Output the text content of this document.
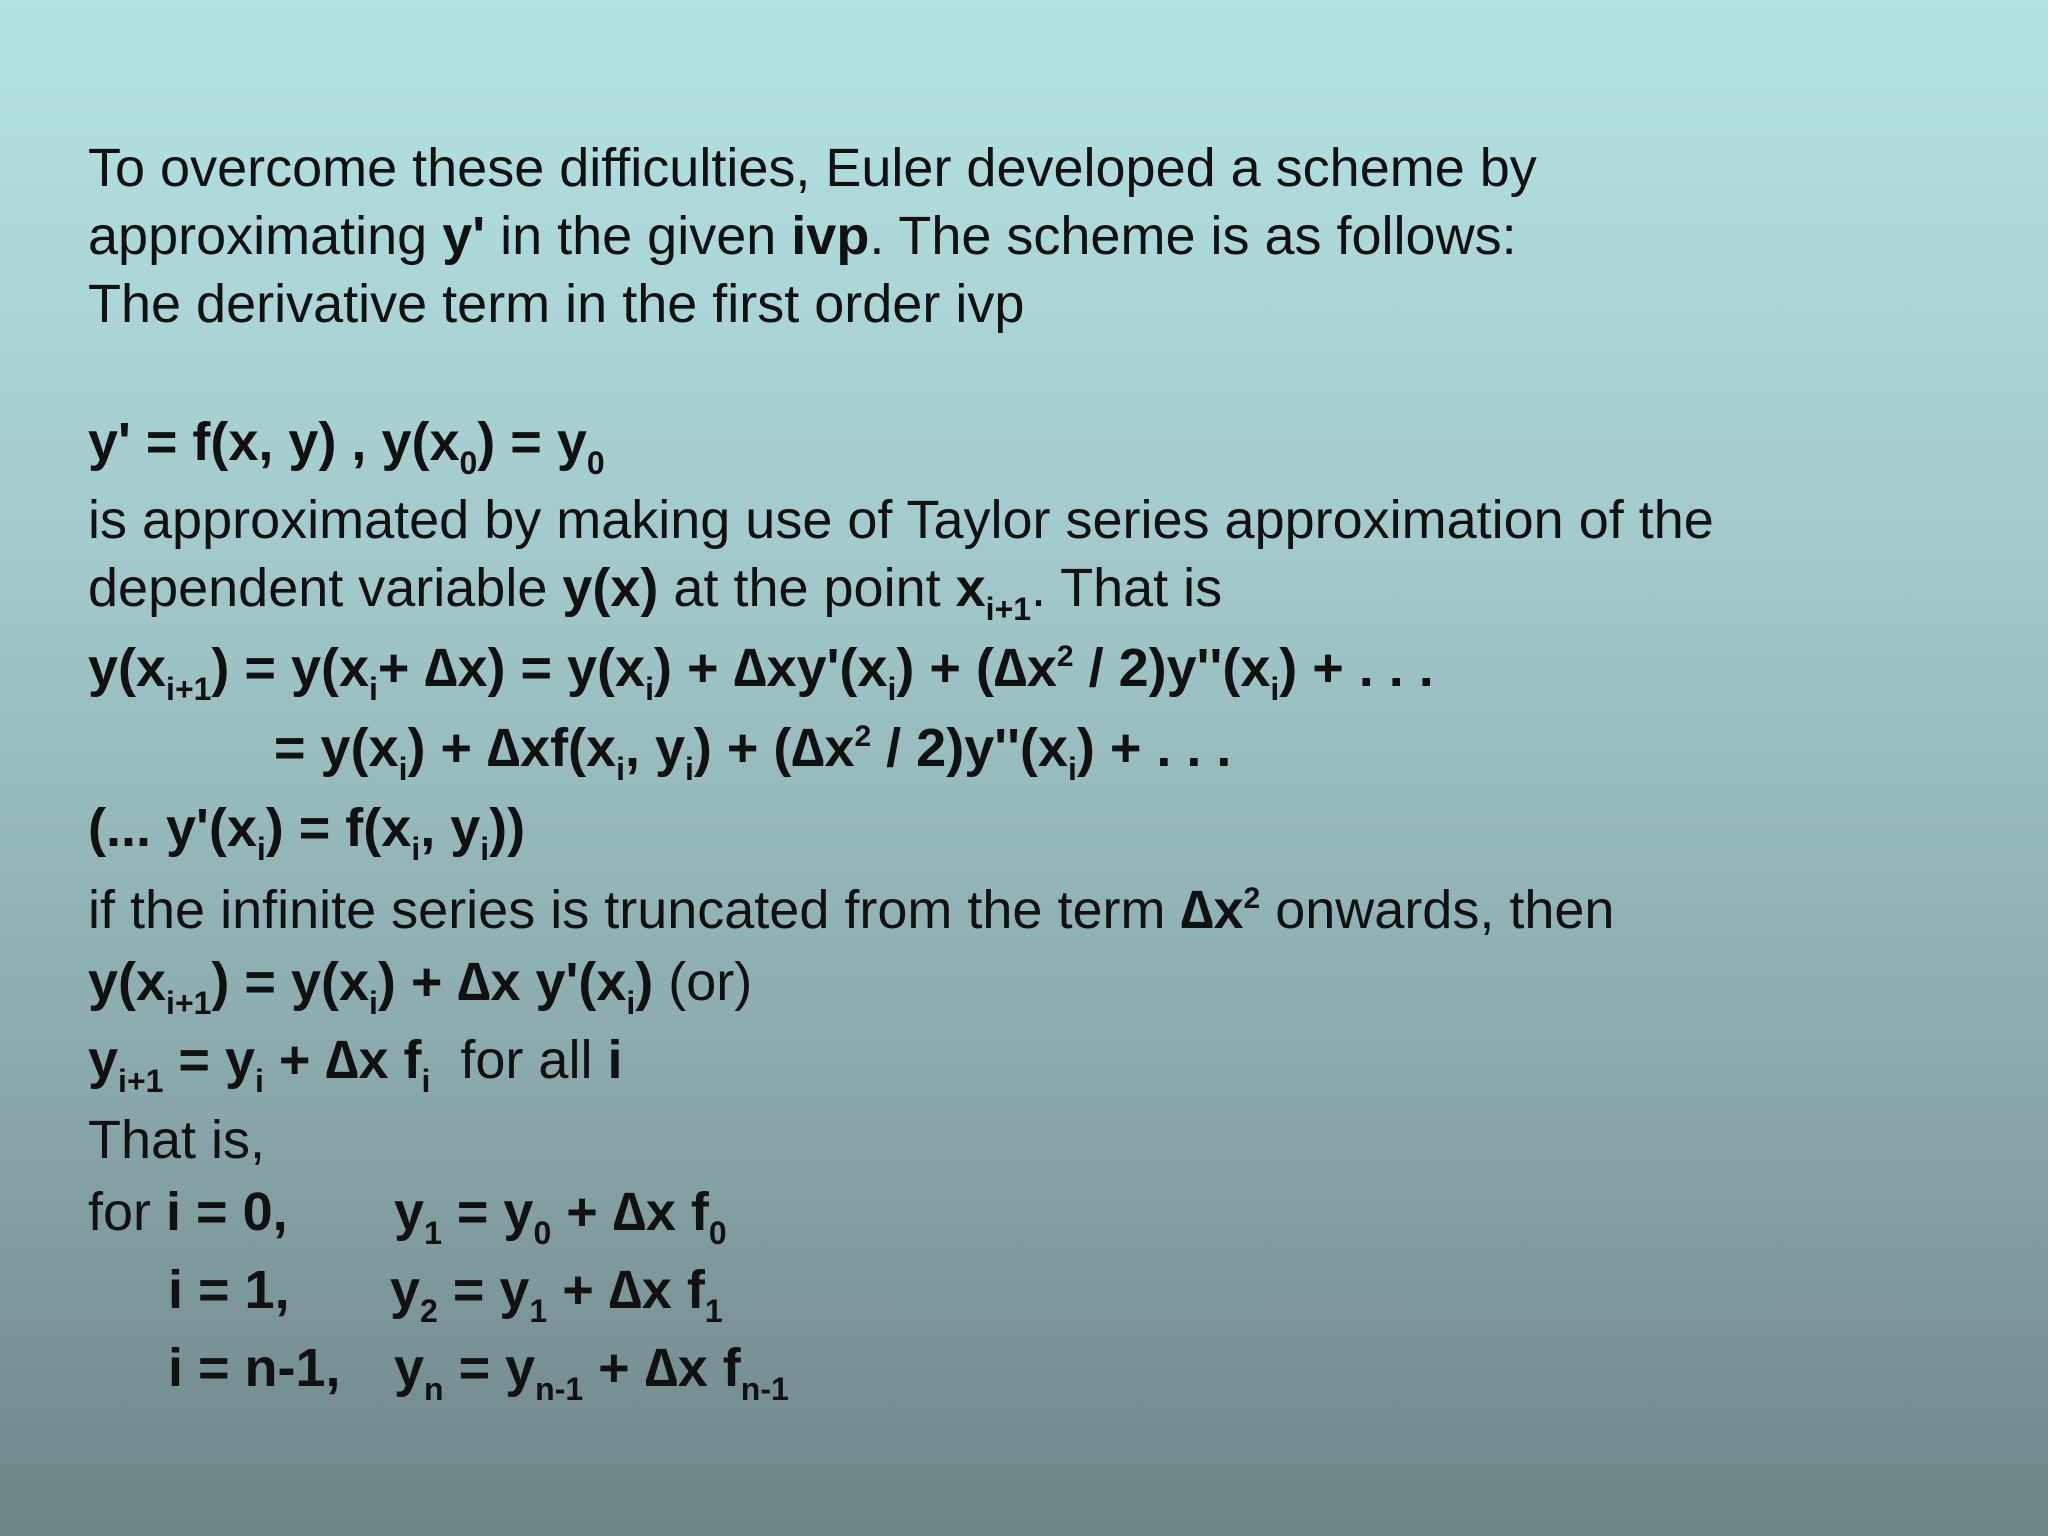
To overcome these difficulties, Euler developed a scheme by
approximating y' in the given ivp. The scheme is as follows:
The derivative term in the first order ivp
y' = f(x, y) , $y(x_0) = y_0$
is approximated by making use of Taylor series approximation of the
dependent variable y(x) at the point $x_{i+1}$. That is
$y(x_{i+1}) = y(x_i+ \Delta x) = y(x_i) + \Delta xy'(x_i) + (\Delta x^2 / 2)y''(x_i)$ + . . .
= $y(x_i) + \Delta xf(x_i$, $y_i) + (\Delta x^2 / 2)y''(x_i)$ + . . .
(... $y'(x_i) = f(x_i$, $y_i$))
if the infinite series is truncated from the term $\Delta x^2$ onwards, then
$y(x_{i+1}) = y(x_i) + \Delta x$ $y'(x_i)$ (or)
$y_{i+1} = y_i + \Delta x$ $f_i$  for all i
That is,
for i = 0, $y_1 = y_0 + \Delta x$ $f_0$
i = 1, $y_2 = y_1 + \Delta x$ $f_1$
i = n-1, $y_n = y_{n-1} + \Delta x$ $f_{n-1}$
